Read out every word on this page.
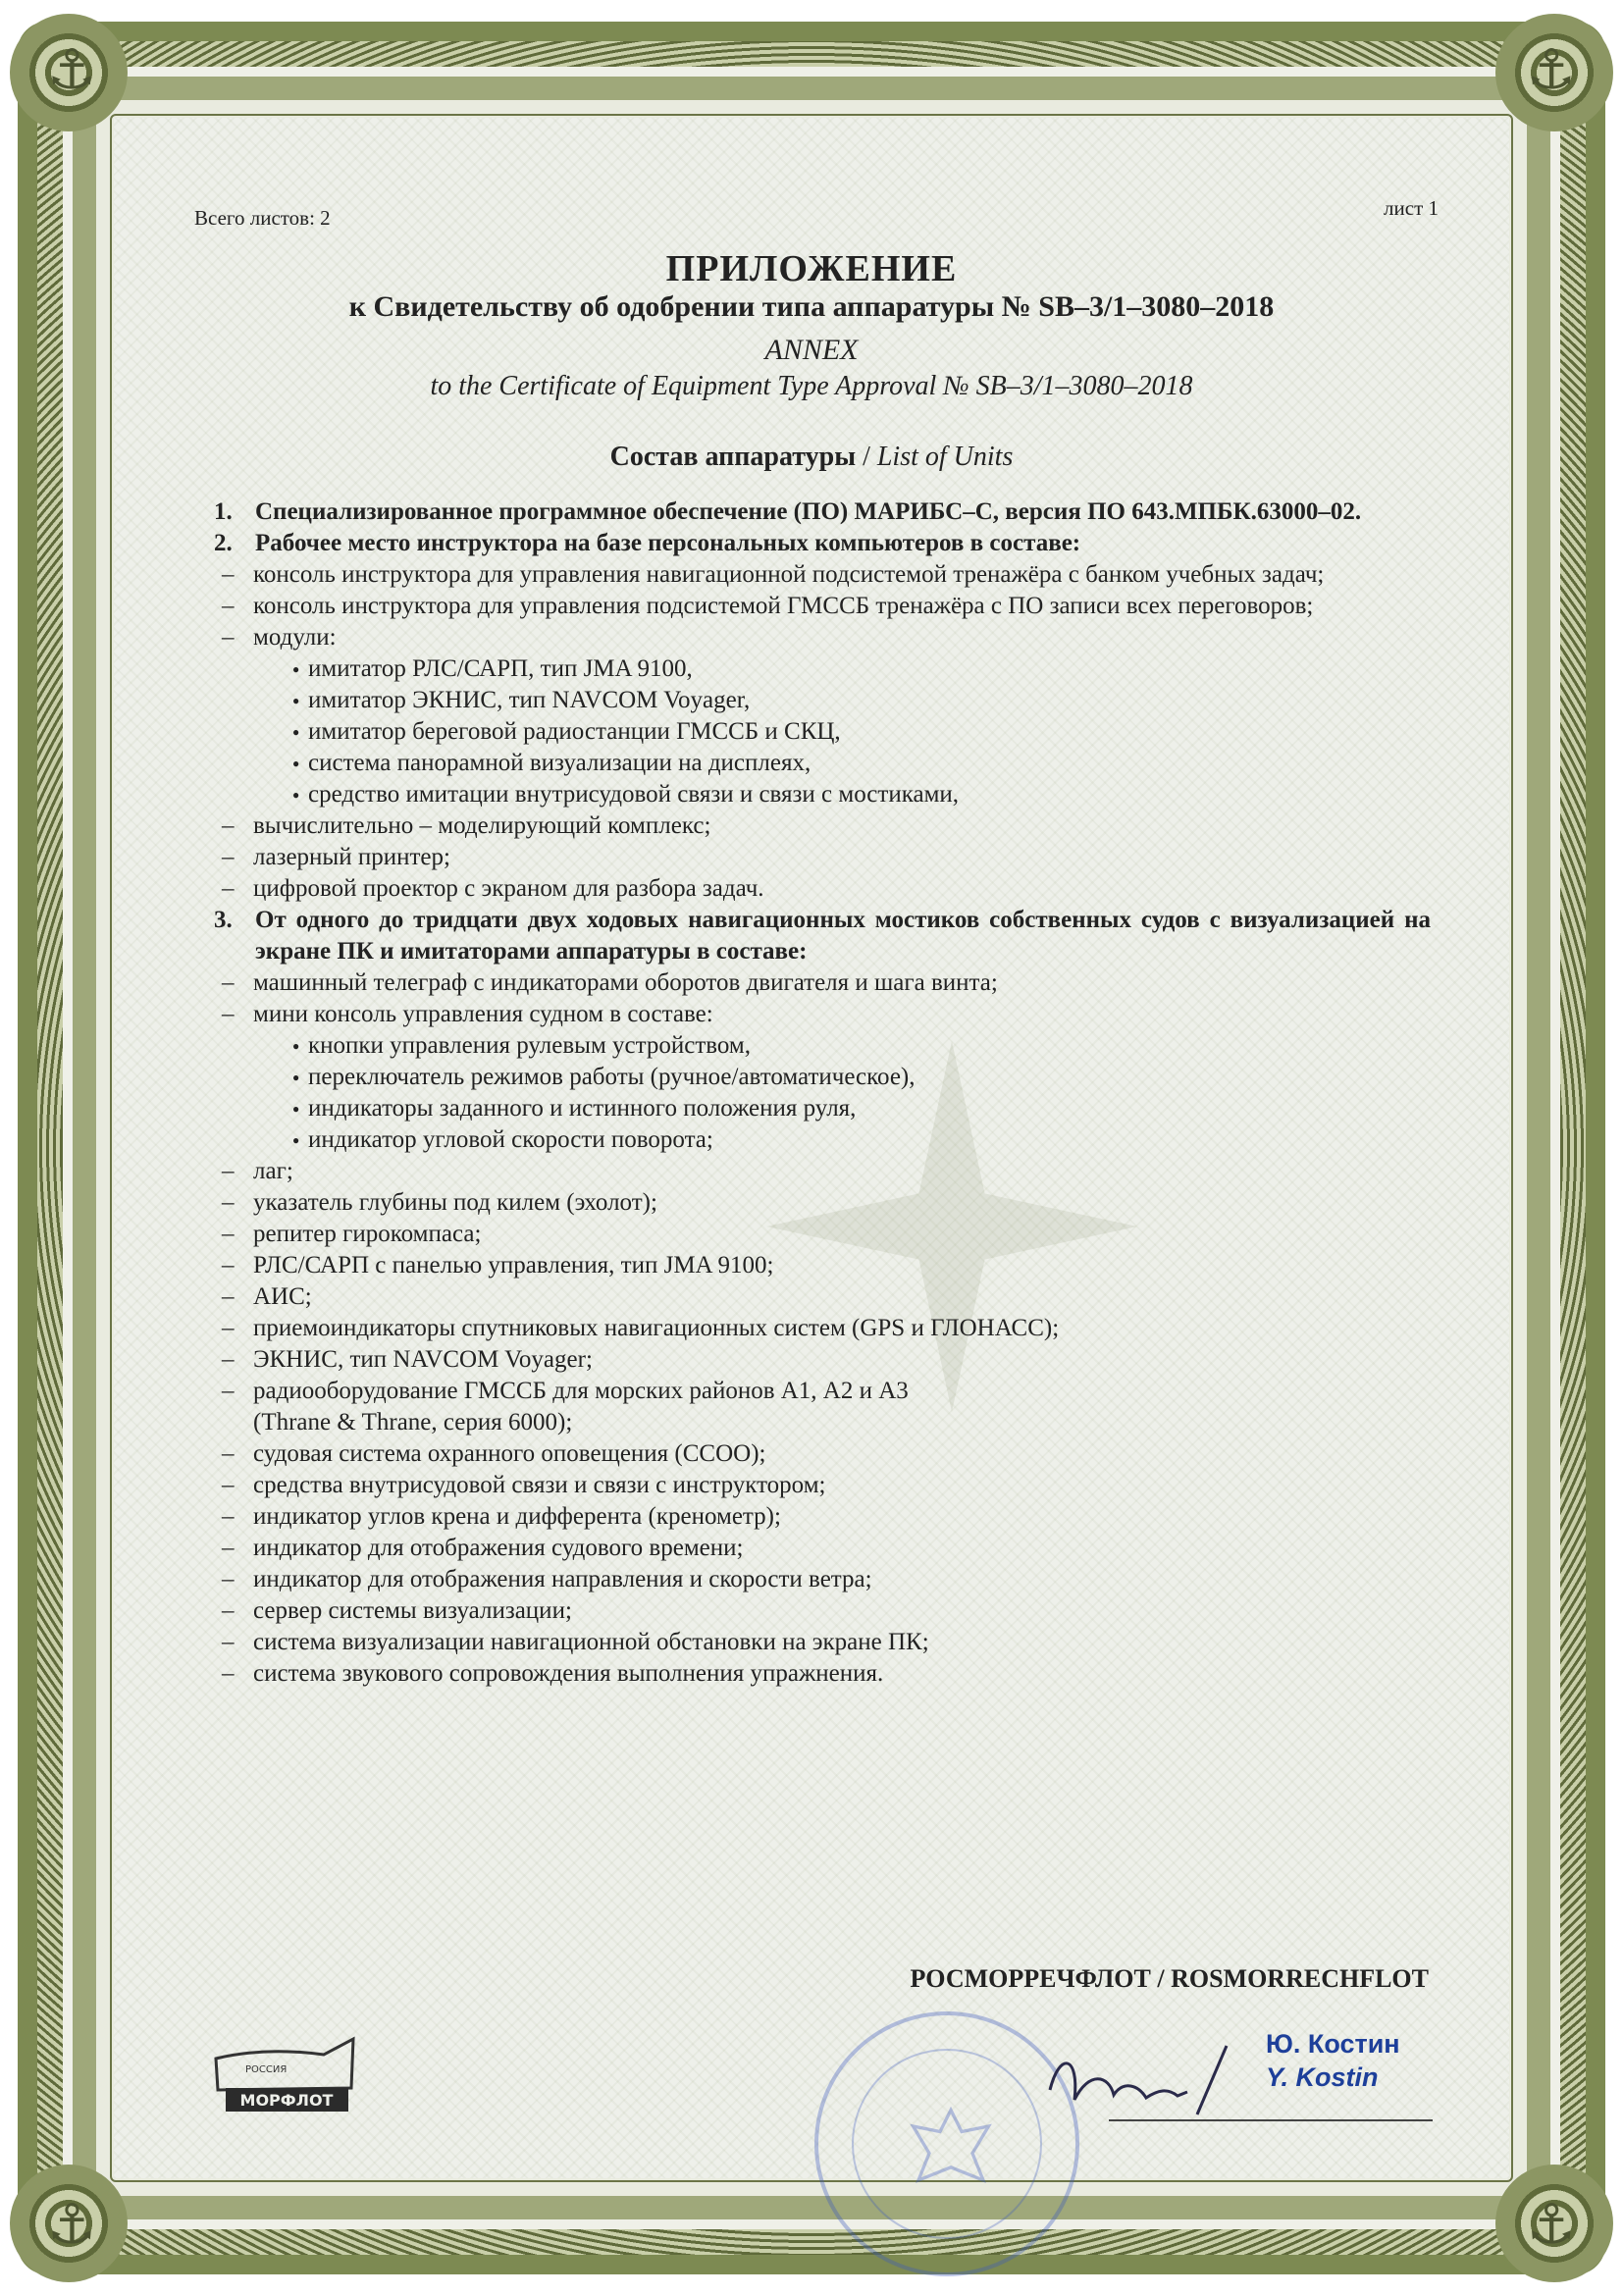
⚓	⚓
⚓	⚓
Всего листов: 2	лист 1
ПРИЛОЖЕНИЕ
к Свидетельству об одобрении типа аппаратуры № SB–3/1–3080–2018
ANNEX
to the Certificate of Equipment Type Approval № SB–3/1–3080–2018
Состав аппаратуры / List of Units
1. Специализированное программное обеспечение (ПО) МАРИБС–С, версия ПО 643.МПБК.63000–02.
2. Рабочее место инструктора на базе персональных компьютеров в составе:
– консоль инструктора для управления навигационной подсистемой тренажёра с банком учебных задач;
– консоль инструктора для управления подсистемой ГМССБ тренажёра с ПО записи всех переговоров;
– модули:
● имитатор РЛС/САРП, тип JMA 9100,
● имитатор ЭКНИС, тип NAVCOM Voyager,
● имитатор береговой радиостанции ГМССБ и СКЦ,
● система панорамной визуализации на дисплеях,
● средство имитации внутрисудовой связи и связи с мостиками,
– вычислительно – моделирующий комплекс;
– лазерный принтер;
– цифровой проектор с экраном для разбора задач.
3. От одного до тридцати двух ходовых навигационных мостиков собственных судов с визуализацией на экране ПК и имитаторами аппаратуры в составе:
– машинный телеграф с индикаторами оборотов двигателя и шага винта;
– мини консоль управления судном в составе:
● кнопки управления рулевым устройством,
● переключатель режимов работы (ручное/автоматическое),
● индикаторы заданного и истинного положения руля,
● индикатор угловой скорости поворота;
– лаг;
– указатель глубины под килем (эхолот);
– репитер гирокомпаса;
– РЛС/САРП с панелью управления, тип JMA 9100;
– АИС;
– приемоиндикаторы спутниковых навигационных систем (GPS и ГЛОНАСС);
– ЭКНИС, тип NAVCOM Voyager;
– радиооборудование ГМССБ для морских районов А1, А2 и А3
(Thrane & Thrane, серия 6000);
– судовая система охранного оповещения (ССОО);
– средства внутрисудовой связи и связи с инструктором;
– индикатор углов крена и дифферента (кренометр);
– индикатор для отображения судового времени;
– индикатор для отображения направления и скорости ветра;
– сервер системы визуализации;
– система визуализации навигационной обстановки на экране ПК;
– система звукового сопровождения выполнения упражнения.
РОСМОРРЕЧФЛОТ / ROSMORRECHFLOT
МОРФЛОТ
РОССИЯ
Ю. Костин
Y. Kostin
